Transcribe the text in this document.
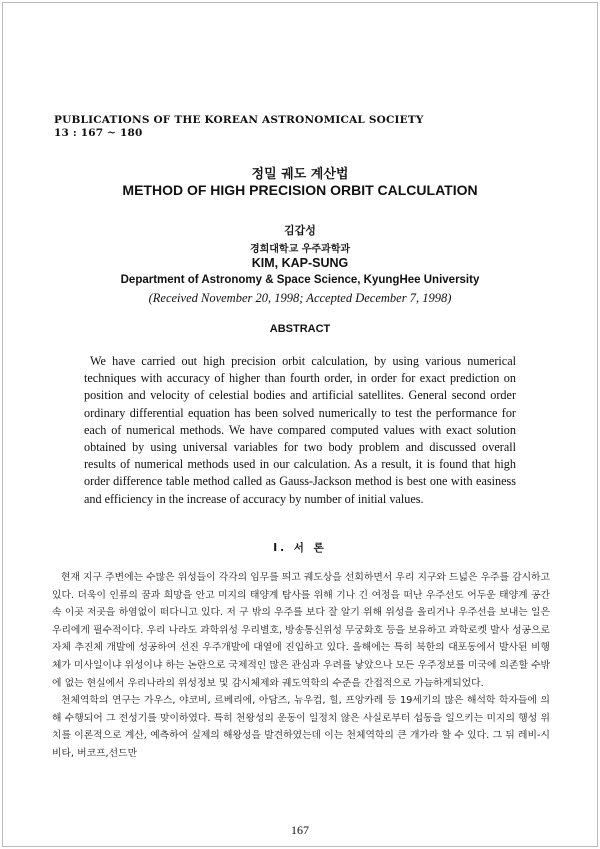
PUBLICATIONS OF THE KOREAN ASTRONOMICAL SOCIETY
13 : 167 ~ 180
정밀 궤도 계산법
METHOD OF HIGH PRECISION ORBIT CALCULATION
김갑성
경희대학교 우주과학과
KIM, KAP-SUNG
Department of Astronomy & Space Science, KyungHee University
(Received November 20, 1998; Accepted December 7, 1998)
ABSTRACT
We have carried out high precision orbit calculation, by using various numerical techniques with accuracy of higher than fourth order, in order for exact prediction on position and velocity of celestial bodies and artificial satellites. General second order ordinary differential equation has been solved numerically to test the performance for each of numerical methods. We have compared computed values with exact solution obtained by using universal variables for two body problem and discussed overall results of numerical methods used in our calculation. As a result, it is found that high order difference table method called as Gauss-Jackson method is best one with easiness and efficiency in the increase of accuracy by number of initial values.
I. 서 론

현재 지구 주변에는 수많은 위성들이 각각의 임무를 띄고 궤도상을 선회하면서 우리 지구와 드넓은 우주를 감시하고 있다. 더욱이 인류의 꿈과 희망을 안고 미지의 태양계 탐사를 위해 기나 긴 여정을 떠난 우주선도 어두운 태양계 공간 속 이곳 저곳을 하염없이 떠다니고 있다. 저 구 밖의 우주를 보다 잘 알기 위해 위성을 올리거나 우주선을 보내는 일은 우리에게 필수적이다. 우리 나라도 과학위성 우리별호, 방송통신위성 무궁화호 등을 보유하고 과학로켓 발사 성공으로 자체 추진체 개발에 성공하여 선진 우주개발에 대열에 진입하고 있다. 올해에는 특히 북한의 대포동에서 발사된 비행체가 미사일이냐 위성이냐 하는 논란으로 국제적인 많은 관심과 우려를 낳았으나 모든 우주정보를 미국에 의존할 수밖에 없는 현실에서 우리나라의 위성정보 및 감시체제와 궤도역학의 수준을 간접적으로 가늠하게되었다.

천체역학의 연구는 가우스, 야코비, 르베리에, 아담즈, 뉴우컴, 힐, 프앙카레 등 19세기의 많은 해석학 학자들에 의해 수행되어 그 전성기를 맞이하였다. 특히 천왕성의 운동이 일정치 않은 사실로부터 섭동을 일으키는 미지의 행성 위치를 이론적으로 계산, 예측하여 실제의 해왕성을 발견하였는데 이는 천체역학의 큰 개가라 할 수 있다. 그 뒤 레비-시비타, 버코프,선드만

167
